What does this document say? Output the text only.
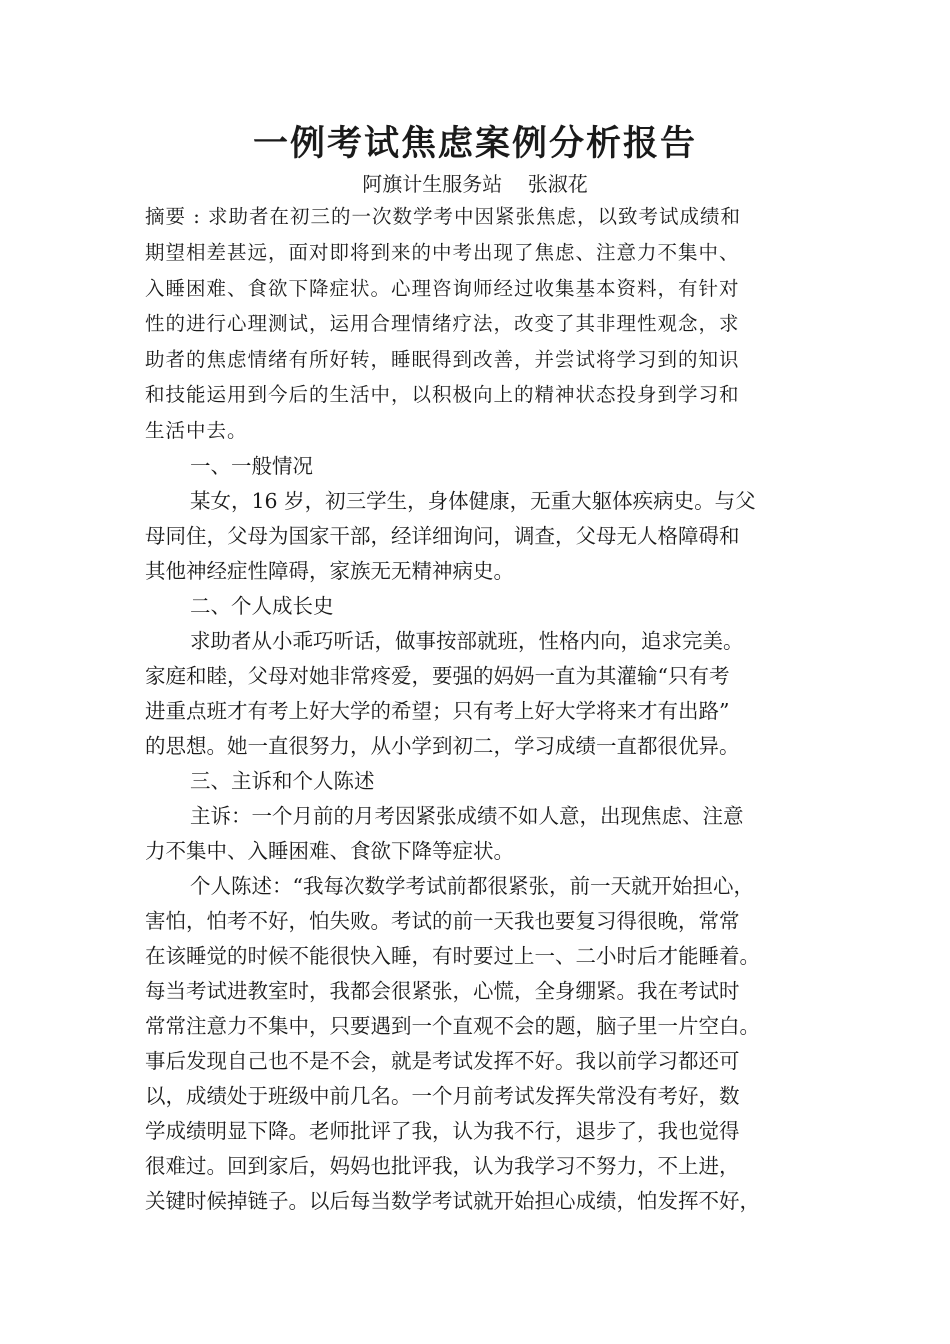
一例考试焦虑案例分析报告

阿旗计生服务站    张淑花

摘要 : 求助者在初三的一次数学考中因紧张焦虑，以致考试成绩和

期望相差甚远，面对即将到来的中考出现了焦虑、注意力不集中、

入睡困难、食欲下降症状。心理咨询师经过收集基本资料，有针对

性的进行心理测试，运用合理情绪疗法，改变了其非理性观念，求

助者的焦虑情绪有所好转，睡眠得到改善，并尝试将学习到的知识

和技能运用到今后的生活中，以积极向上的精神状态投身到学习和

生活中去。

一、一般情况

某女，16 岁，初三学生，身体健康，无重大躯体疾病史。与父

母同住，父母为国家干部，经详细询问，调查，父母无人格障碍和

其他神经症性障碍，家族无无精神病史。

二、个人成长史

求助者从小乖巧听话，做事按部就班，性格内向，追求完美。

家庭和睦，父母对她非常疼爱，要强的妈妈一直为其灌输“只有考

进重点班才有考上好大学的希望；只有考上好大学将来才有出路”

的思想。她一直很努力，从小学到初二，学习成绩一直都很优异。

三、主诉和个人陈述

主诉：一个月前的月考因紧张成绩不如人意，出现焦虑、注意

力不集中、入睡困难、食欲下降等症状。

个人陈述：“我每次数学考试前都很紧张，前一天就开始担心，

害怕，怕考不好，怕失败。考试的前一天我也要复习得很晚，常常

在该睡觉的时候不能很快入睡，有时要过上一、二小时后才能睡着。

每当考试进教室时，我都会很紧张，心慌，全身绷紧。我在考试时

常常注意力不集中，只要遇到一个直观不会的题，脑子里一片空白。

事后发现自己也不是不会，就是考试发挥不好。我以前学习都还可

以，成绩处于班级中前几名。一个月前考试发挥失常没有考好，数

学成绩明显下降。老师批评了我，认为我不行，退步了，我也觉得

很难过。回到家后，妈妈也批评我，认为我学习不努力，不上进，

关键时候掉链子。以后每当数学考试就开始担心成绩，怕发挥不好，
